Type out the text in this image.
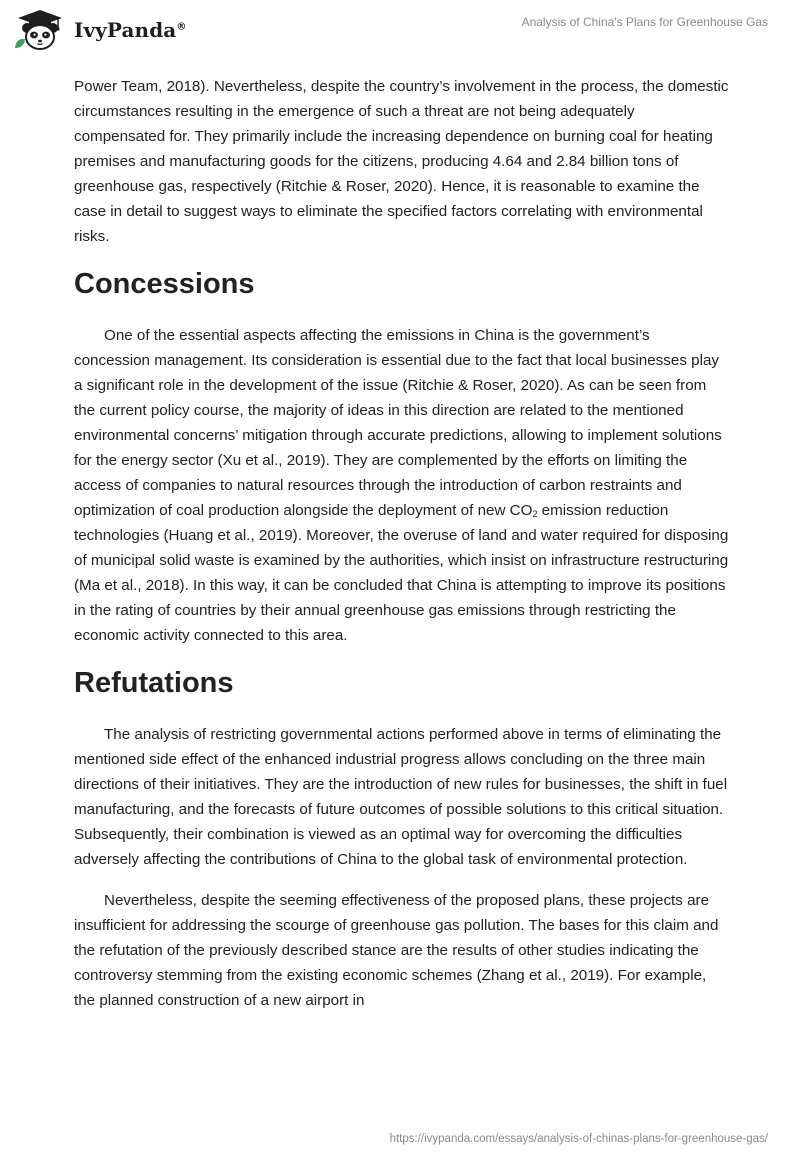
IvyPanda®	Analysis of China's Plans for Greenhouse Gas

Power Team, 2018). Nevertheless, despite the country’s involvement in the process, the domestic circumstances resulting in the emergence of such a threat are not being adequately compensated for. They primarily include the increasing dependence on burning coal for heating premises and manufacturing goods for the citizens, producing 4.64 and 2.84 billion tons of greenhouse gas, respectively (Ritchie & Roser, 2020). Hence, it is reasonable to examine the case in detail to suggest ways to eliminate the specified factors correlating with environmental risks.

Concessions

One of the essential aspects affecting the emissions in China is the government’s concession management. Its consideration is essential due to the fact that local businesses play a significant role in the development of the issue (Ritchie & Roser, 2020). As can be seen from the current policy course, the majority of ideas in this direction are related to the mentioned environmental concerns’ mitigation through accurate predictions, allowing to implement solutions for the energy sector (Xu et al., 2019). They are complemented by the efforts on limiting the access of companies to natural resources through the introduction of carbon restraints and optimization of coal production alongside the deployment of new $CO_2$ emission reduction technologies (Huang et al., 2019). Moreover, the overuse of land and water required for disposing of municipal solid waste is examined by the authorities, which insist on infrastructure restructuring (Ma et al., 2018). In this way, it can be concluded that China is attempting to improve its positions in the rating of countries by their annual greenhouse gas emissions through restricting the economic activity connected to this area.

Refutations

The analysis of restricting governmental actions performed above in terms of eliminating the mentioned side effect of the enhanced industrial progress allows concluding on the three main directions of their initiatives. They are the introduction of new rules for businesses, the shift in fuel manufacturing, and the forecasts of future outcomes of possible solutions to this critical situation. Subsequently, their combination is viewed as an optimal way for overcoming the difficulties adversely affecting the contributions of China to the global task of environmental protection.

Nevertheless, despite the seeming effectiveness of the proposed plans, these projects are insufficient for addressing the scourge of greenhouse gas pollution. The bases for this claim and the refutation of the previously described stance are the results of other studies indicating the controversy stemming from the existing economic schemes (Zhang et al., 2019). For example, the planned construction of a new airport in

https://ivypanda.com/essays/analysis-of-chinas-plans-for-greenhouse-gas/
